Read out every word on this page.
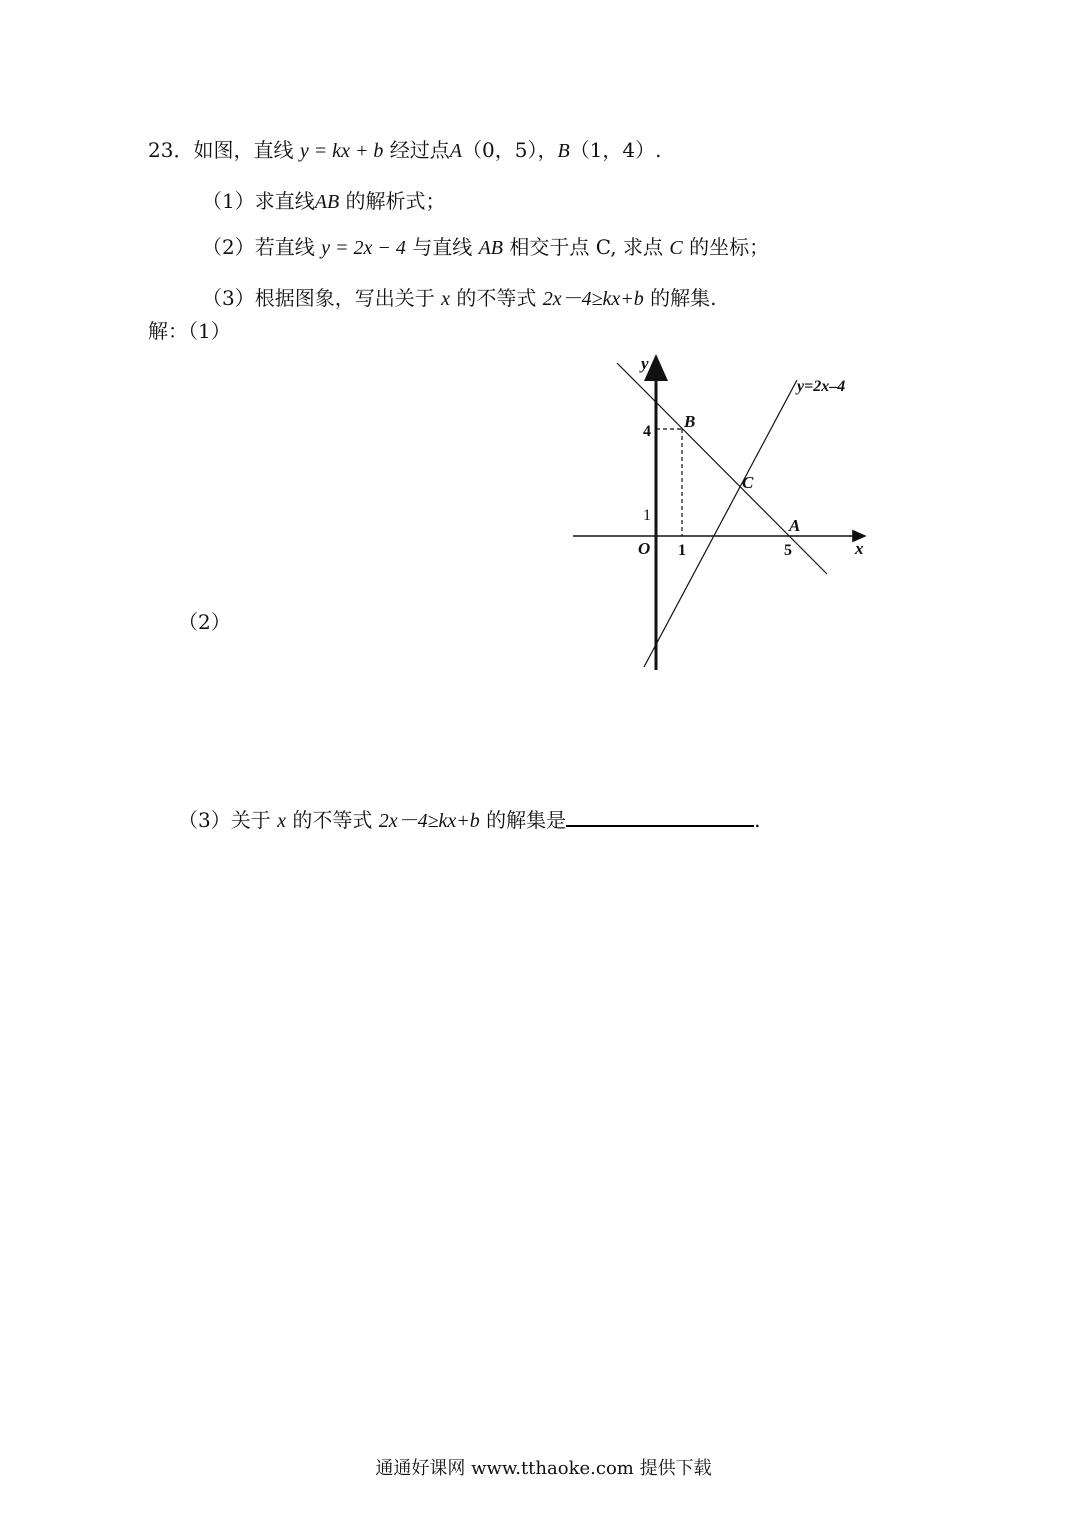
23．如图，直线 y = kx + b 经过点A（0，5），B（1，4）.
（1）求直线AB 的解析式；
（2）若直线 y = 2x − 4 与直线 AB 相交于点 C, 求点 C 的坐标；
（3）根据图象，写出关于 x 的不等式 2x－4≥kx+b 的解集.
解：（1）
（2）
（3）关于 x 的不等式 2x－4≥kx+b 的解集是	.
y
x
O 1	5
1
4
B
C
A
y=2x–4
通通好课网 www.tthaoke.com 提供下载
